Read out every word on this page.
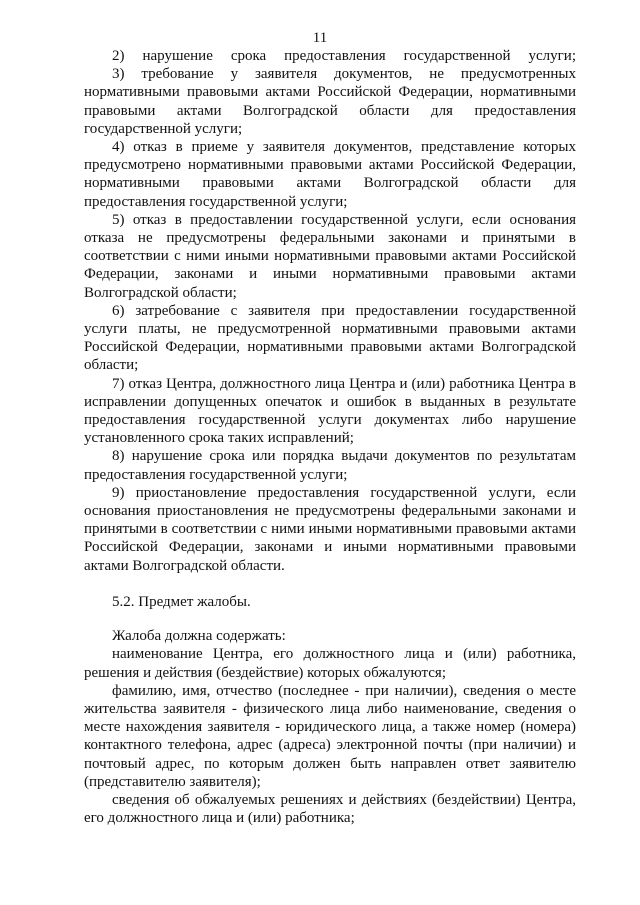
11

2) нарушение срока предоставления государственной услуги;

3) требование у заявителя документов, не предусмотренных нормативными правовыми актами Российской Федерации, нормативными правовыми актами Волгоградской области для предоставления государственной услуги;

4) отказ в приеме у заявителя документов, представление которых предусмотрено нормативными правовыми актами Российской Федерации, нормативными правовыми актами Волгоградской области для предоставления государственной услуги;

5) отказ в предоставлении государственной услуги, если основания отказа не предусмотрены федеральными законами и принятыми в соответствии с ними иными нормативными правовыми актами Российской Федерации, законами и иными нормативными правовыми актами Волгоградской области;

6) затребование с заявителя при предоставлении государственной услуги платы, не предусмотренной нормативными правовыми актами Российской Федерации, нормативными правовыми актами Волгоградской области;

7) отказ Центра, должностного лица Центра и (или) работника Центра в исправлении допущенных опечаток и ошибок в выданных в результате предоставления государственной услуги документах либо нарушение установленного срока таких исправлений;

8) нарушение срока или порядка выдачи документов по результатам предоставления государственной услуги;

9) приостановление предоставления государственной услуги, если основания приостановления не предусмотрены федеральными законами и принятыми в соответствии с ними иными нормативными правовыми актами Российской Федерации, законами и иными нормативными правовыми актами Волгоградской области.

5.2. Предмет жалобы.

Жалоба должна содержать:

наименование Центра, его должностного лица и (или) работника, решения и действия (бездействие) которых обжалуются;

фамилию, имя, отчество (последнее - при наличии), сведения о месте жительства заявителя - физического лица либо наименование, сведения о месте нахождения заявителя - юридического лица, а также номер (номера) контактного телефона, адрес (адреса) электронной почты (при наличии) и почтовый адрес, по которым должен быть направлен ответ заявителю (представителю заявителя);

сведения об обжалуемых решениях и действиях (бездействии) Центра, его должностного лица и (или) работника;
